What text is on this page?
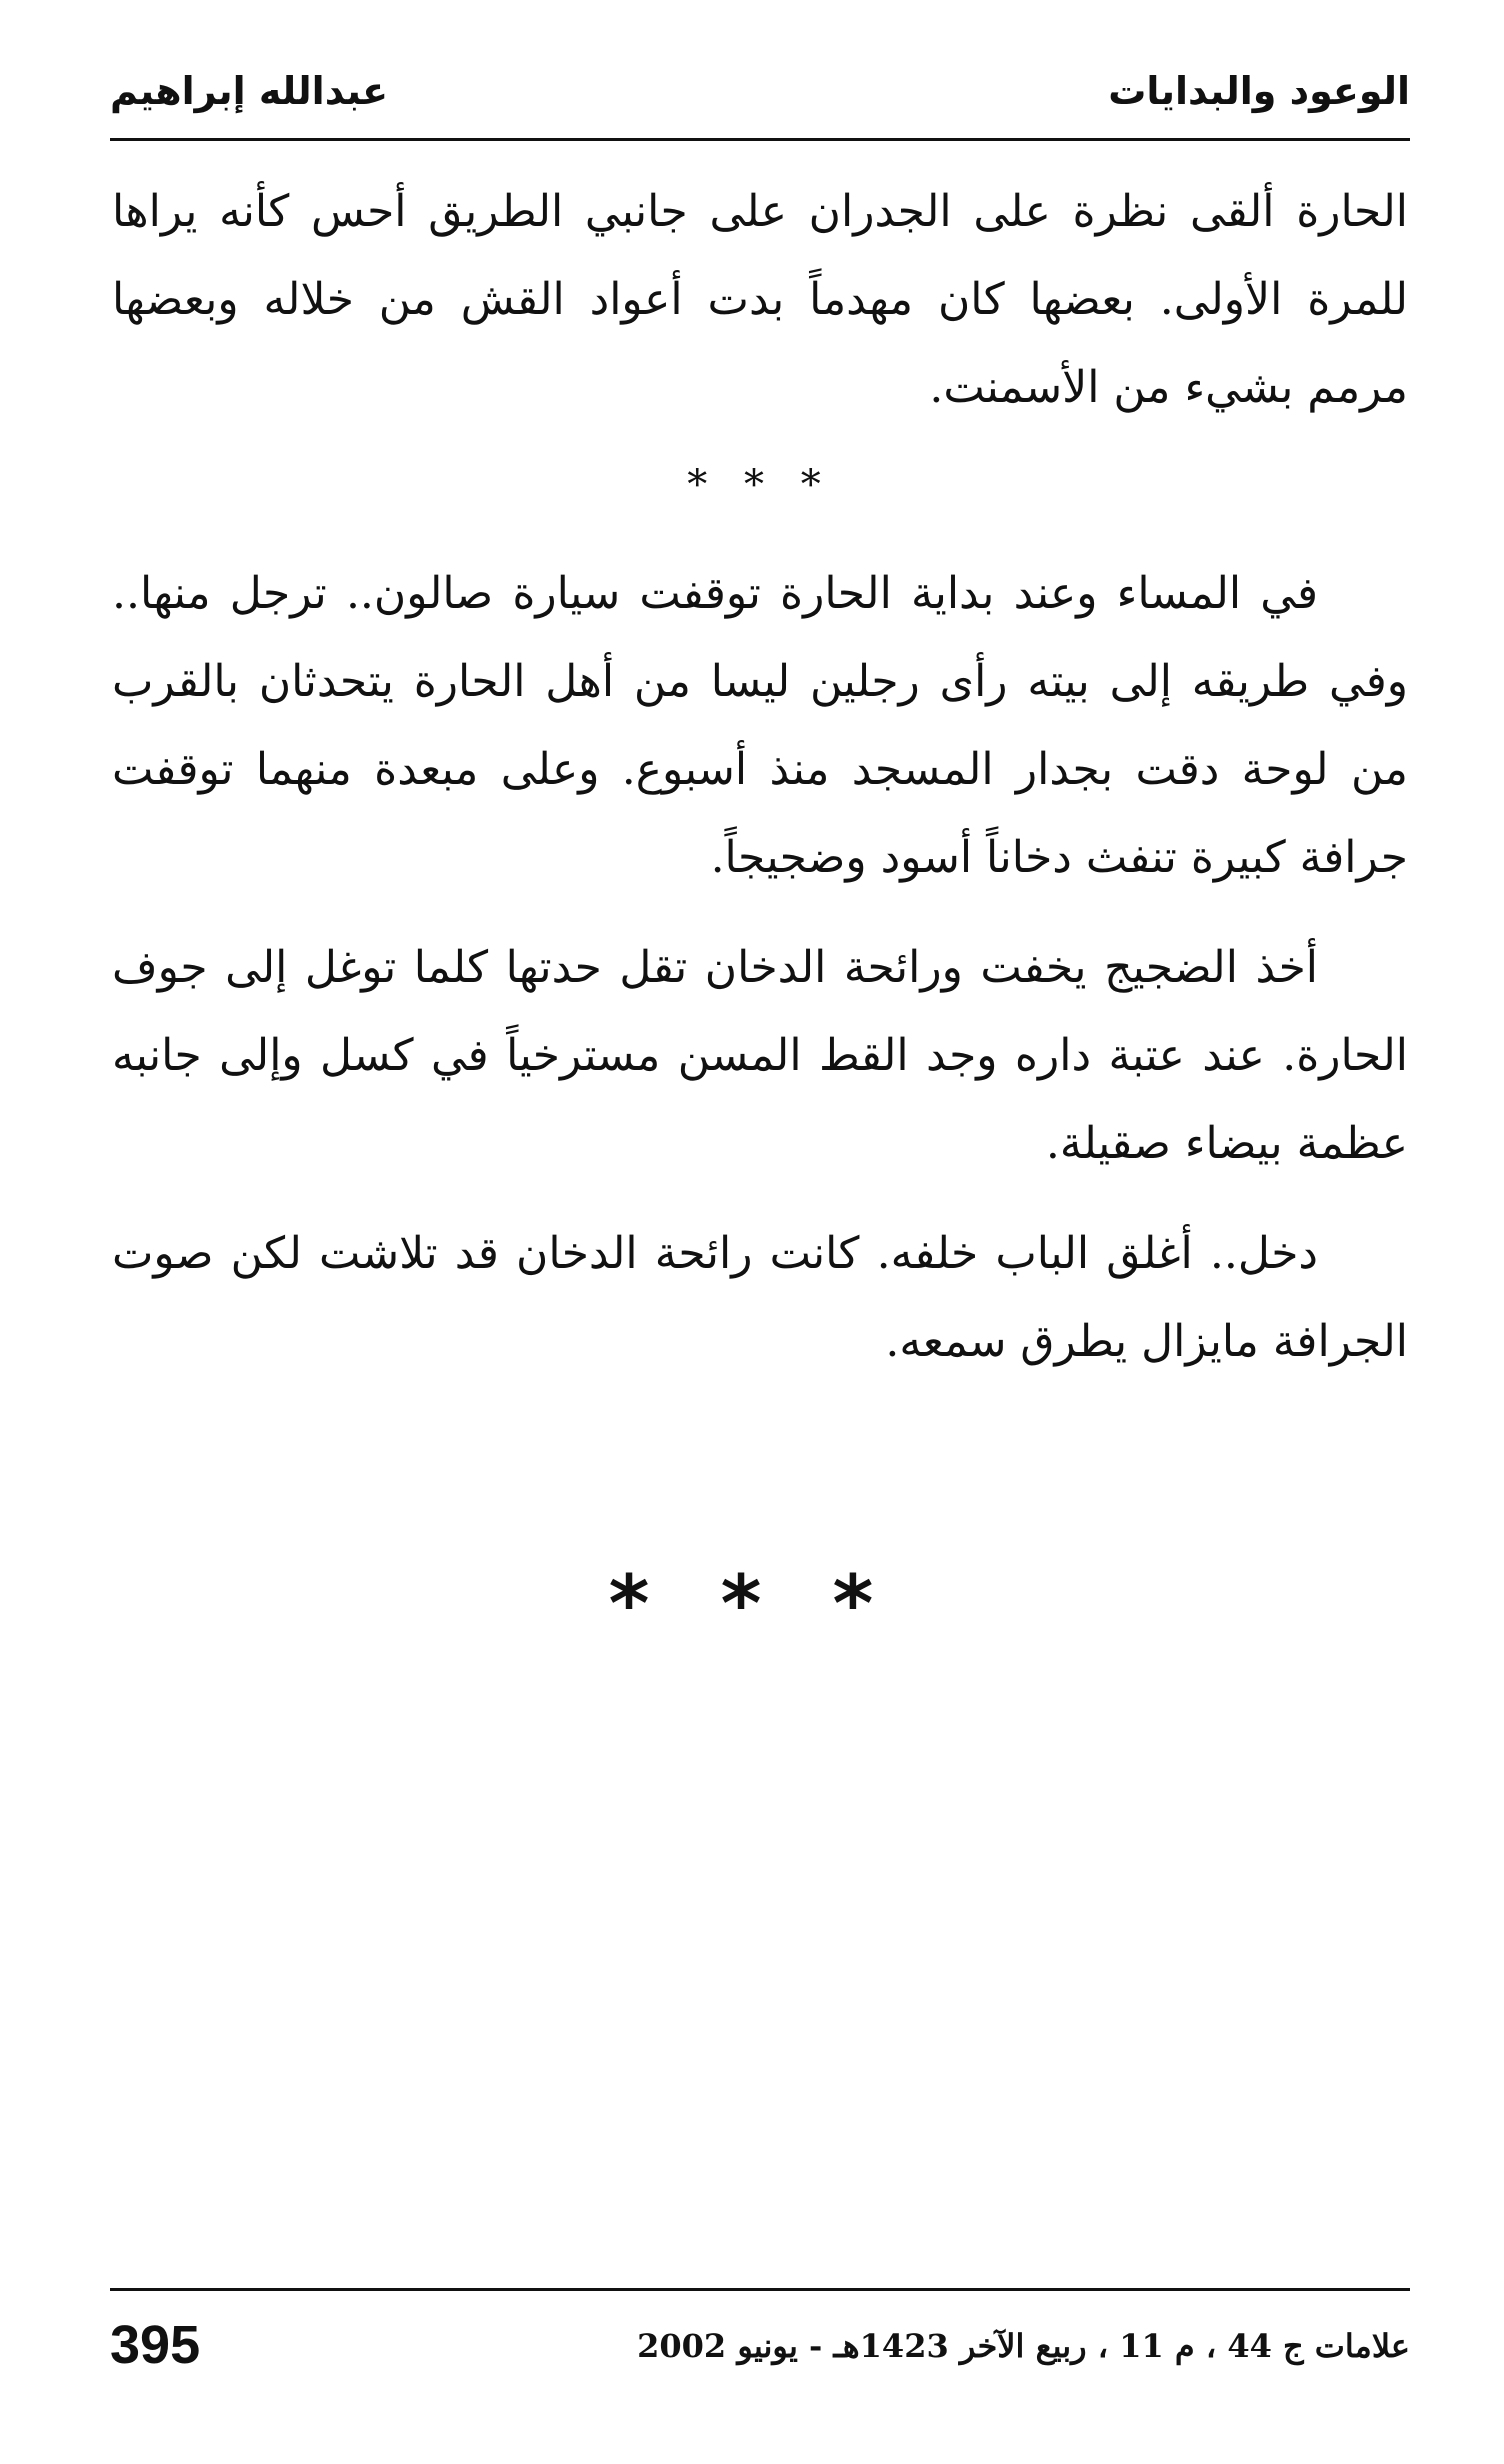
الوعود والبدايات
عبدالله إبراهيم

الحارة ألقى نظرة على الجدران على جانبي الطريق أحس كأنه يراها للمرة الأولى. بعضها كان مهدماً بدت أعواد القش من خلاله وبعضها مرمم بشيء من الأسمنت.

* * *

في المساء وعند بداية الحارة توقفت سيارة صالون.. ترجل منها.. وفي طريقه إلى بيته رأى رجلين ليسا من أهل الحارة يتحدثان بالقرب من لوحة دقت بجدار المسجد منذ أسبوع. وعلى مبعدة منهما توقفت جرافة كبيرة تنفث دخاناً أسود وضجيجاً.

أخذ الضجيج يخفت ورائحة الدخان تقل حدتها كلما توغل إلى جوف الحارة. عند عتبة داره وجد القط المسن مسترخياً في كسل وإلى جانبه عظمة بيضاء صقيلة.

دخل.. أغلق الباب خلفه. كانت رائحة الدخان قد تلاشت لكن صوت الجرافة مايزال يطرق سمعه.

* * *
395	علامات ج 44 ، م 11 ، ربيع الآخر 1423هـ - يونيو 2002
